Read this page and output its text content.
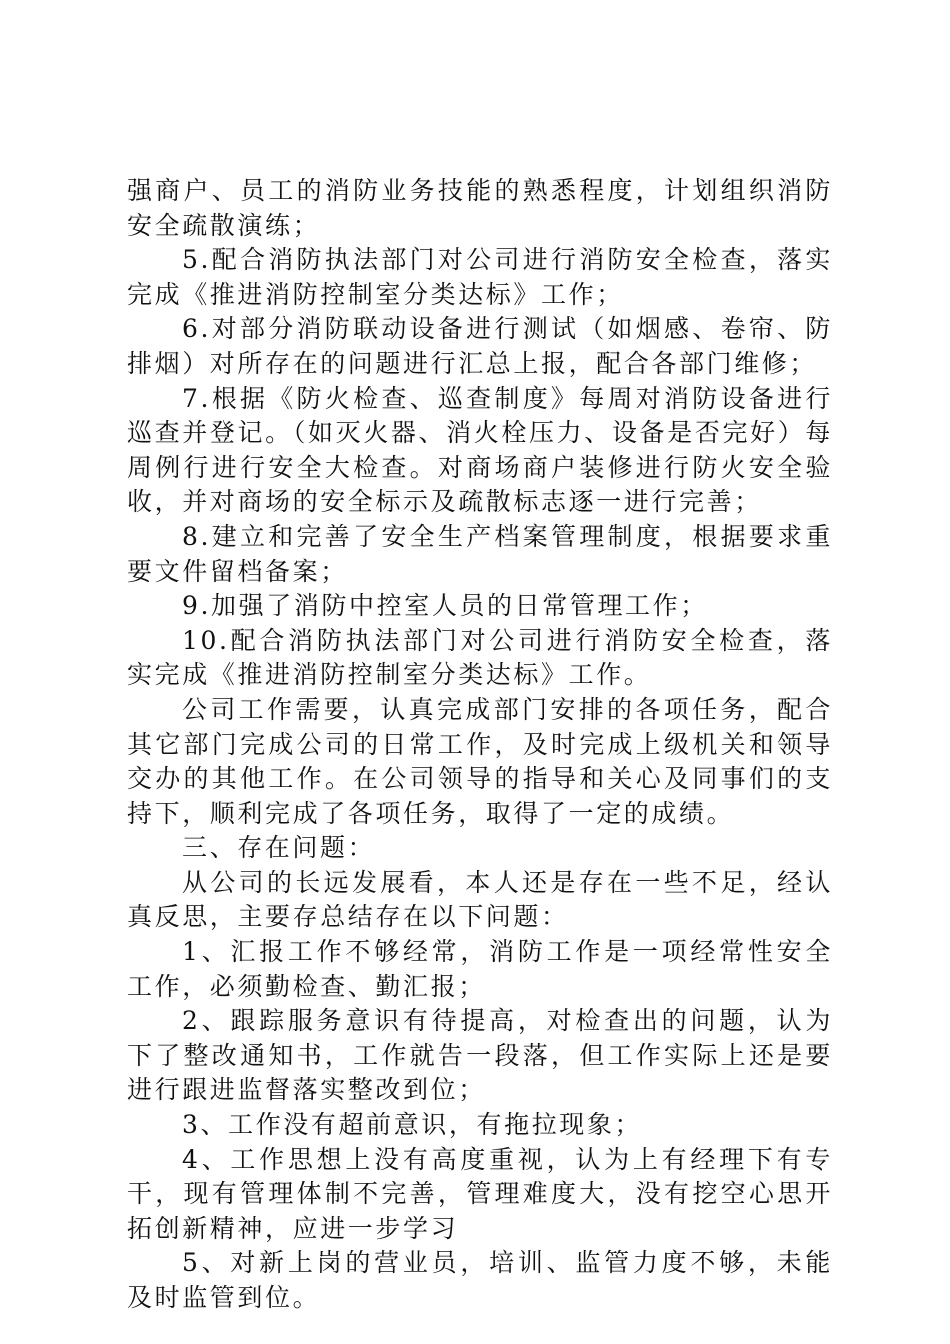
强商户、员工的消防业务技能的熟悉程度，计划组织消防安全疏散演练；

5.配合消防执法部门对公司进行消防安全检查，落实完成《推进消防控制室分类达标》工作；

6.对部分消防联动设备进行测试（如烟感、卷帘、防排烟）对所存在的问题进行汇总上报，配合各部门维修；

7.根据《防火检查、巡查制度》每周对消防设备进行巡查并登记。（如灭火器、消火栓压力、设备是否完好）每周例行进行安全大检查。对商场商户装修进行防火安全验收，并对商场的安全标示及疏散标志逐一进行完善；

8.建立和完善了安全生产档案管理制度，根据要求重要文件留档备案；

9.加强了消防中控室人员的日常管理工作；

10.配合消防执法部门对公司进行消防安全检查，落实完成《推进消防控制室分类达标》工作。

公司工作需要，认真完成部门安排的各项任务，配合其它部门完成公司的日常工作，及时完成上级机关和领导交办的其他工作。在公司领导的指导和关心及同事们的支持下，顺利完成了各项任务，取得了一定的成绩。

三、存在问题：

从公司的长远发展看，本人还是存在一些不足，经认真反思，主要存总结存在以下问题：

1、汇报工作不够经常，消防工作是一项经常性安全工作，必须勤检查、勤汇报；

2、跟踪服务意识有待提高，对检查出的问题，认为下了整改通知书，工作就告一段落，但工作实际上还是要进行跟进监督落实整改到位；

3、工作没有超前意识，有拖拉现象；

4、工作思想上没有高度重视，认为上有经理下有专干，现有管理体制不完善，管理难度大，没有挖空心思开拓创新精神，应进一步学习

5、对新上岗的营业员，培训、监管力度不够，未能及时监管到位。
